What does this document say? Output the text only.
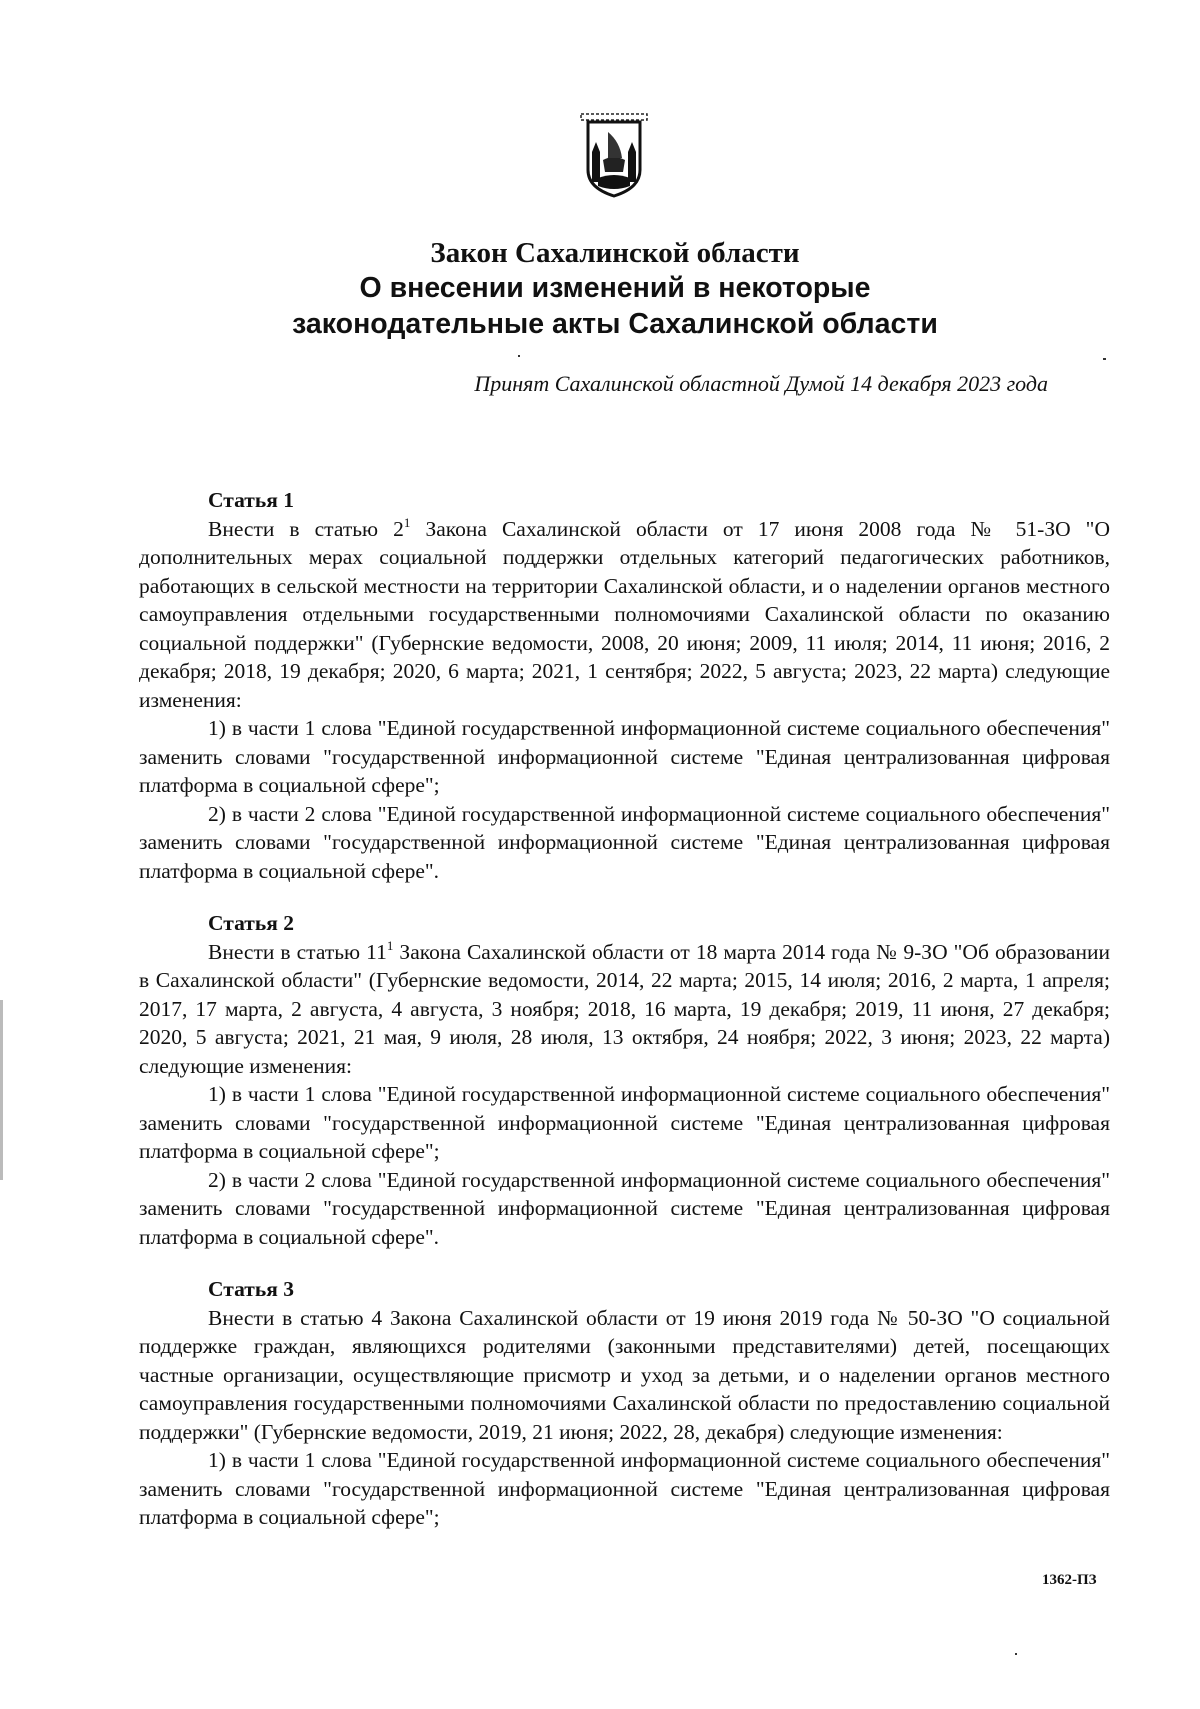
Закон Сахалинской области

О внесении изменений в некоторые

законодательные акты Сахалинской области

Принят Сахалинской областной Думой 14 декабря 2023 года
Статья 1

Внести в статью $2^1$ Закона Сахалинской области от 17 июня 2008 года № 51-ЗО "О дополнительных мерах социальной поддержки отдельных категорий педагогических работников, работающих в сельской местности на территории Сахалинской области, и о наделении органов местного самоуправления отдельными государственными полномочиями Сахалинской области по оказанию социальной поддержки" (Губернские ведомости, 2008, 20 июня; 2009, 11 июля; 2014, 11 июня; 2016, 2 декабря; 2018, 19 декабря; 2020, 6 марта; 2021, 1 сентября; 2022, 5 августа; 2023, 22 марта) следующие изменения:

1) в части 1 слова "Единой государственной информационной системе социального обеспечения" заменить словами "государственной информационной системе "Единая централизованная цифровая платформа в социальной сфере";

2) в части 2 слова "Единой государственной информационной системе социального обеспечения" заменить словами "государственной информационной системе "Единая централизованная цифровая платформа в социальной сфере".

Статья 2

Внести в статью $11^1$ Закона Сахалинской области от 18 марта 2014 года № 9-ЗО "Об образовании в Сахалинской области" (Губернские ведомости, 2014, 22 марта; 2015, 14 июля; 2016, 2 марта, 1 апреля; 2017, 17 марта, 2 августа, 4 августа, 3 ноября; 2018, 16 марта, 19 декабря; 2019, 11 июня, 27 декабря; 2020, 5 августа; 2021, 21 мая, 9 июля, 28 июля, 13 октября, 24 ноября; 2022, 3 июня; 2023, 22 марта) следующие изменения:

1) в части 1 слова "Единой государственной информационной системе социального обеспечения" заменить словами "государственной информационной системе "Единая централизованная цифровая платформа в социальной сфере";

2) в части 2 слова "Единой государственной информационной системе социального обеспечения" заменить словами "государственной информационной системе "Единая централизованная цифровая платформа в социальной сфере".

Статья 3

Внести в статью 4 Закона Сахалинской области от 19 июня 2019 года № 50-ЗО "О социальной поддержке граждан, являющихся родителями (законными представителями) детей, посещающих частные организации, осуществляющие присмотр и уход за детьми, и о наделении органов местного самоуправления государственными полномочиями Сахалинской области по предоставлению социальной поддержки" (Губернские ведомости, 2019, 21 июня; 2022, 28, декабря) следующие изменения:

1) в части 1 слова "Единой государственной информационной системе социального обеспечения" заменить словами "государственной информационной системе "Единая централизованная цифровая платформа в социальной сфере";

1362-ПЗ
